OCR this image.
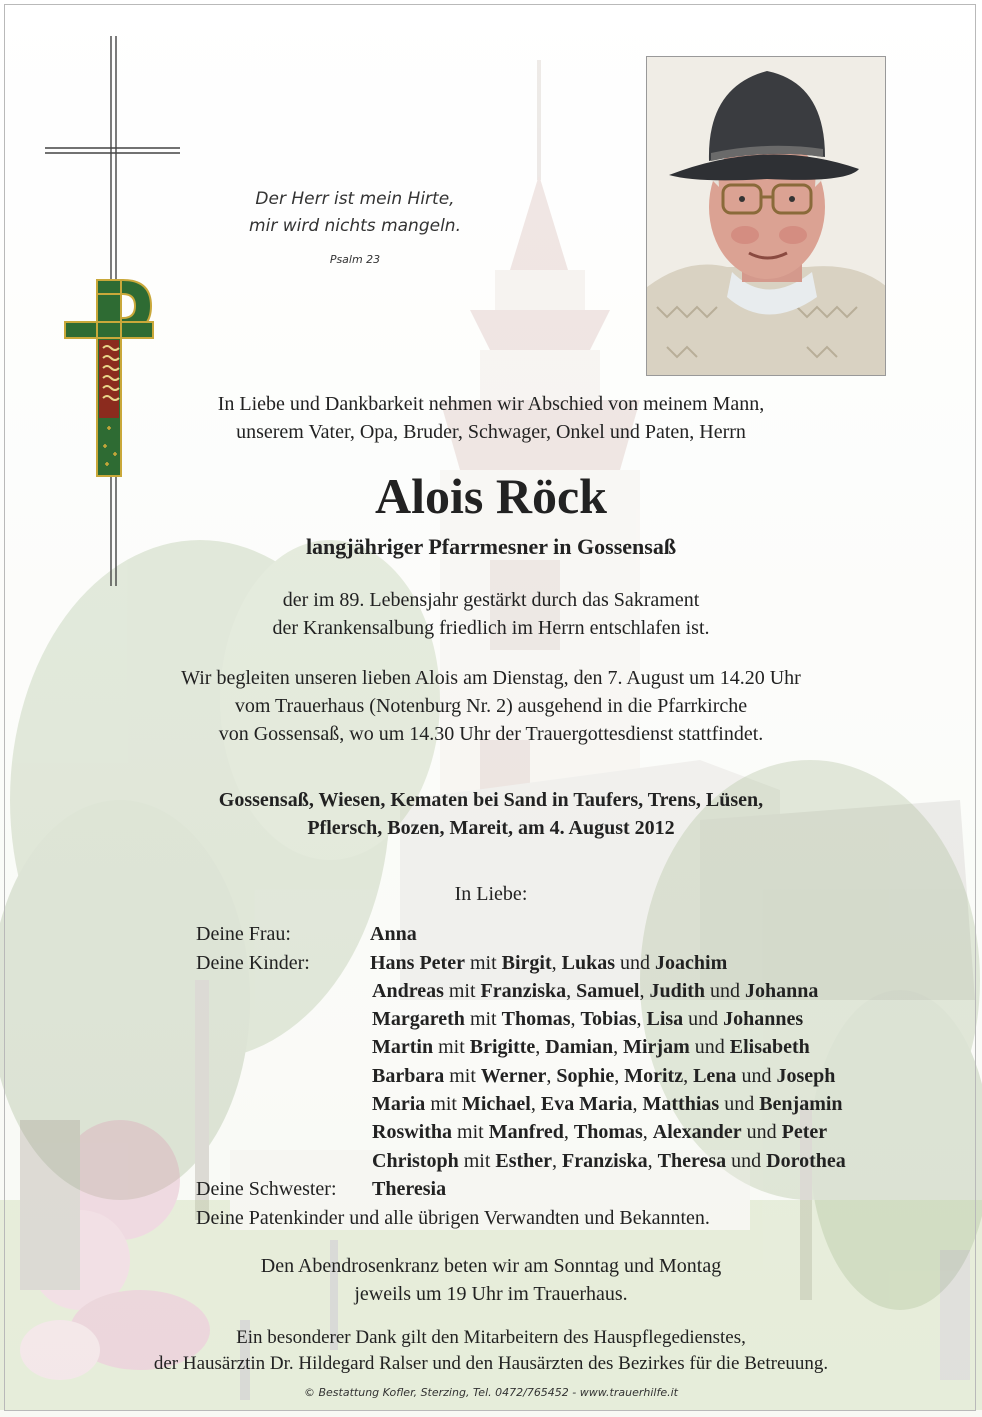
Der Herr ist mein Hirte,
mir wird nichts mangeln.
Psalm 23
In Liebe und Dankbarkeit nehmen wir Abschied von meinem Mann,
unserem Vater, Opa, Bruder, Schwager, Onkel und Paten, Herrn
Alois Röck
langjähriger Pfarrmesner in Gossensaß
der im 89. Lebensjahr gestärkt durch das Sakrament
der Krankensalbung friedlich im Herrn entschlafen ist.
Wir begleiten unseren lieben Alois am Dienstag, den 7. August um 14.20 Uhr
vom Trauerhaus (Notenburg Nr. 2) ausgehend in die Pfarrkirche
von Gossensaß, wo um 14.30 Uhr der Trauergottesdienst stattfindet.
Gossensaß, Wiesen, Kematen bei Sand in Taufers, Trens, Lüsen,
Pflersch, Bozen, Mareit, am 4. August 2012
In Liebe:
Deine Frau:	Anna
Deine Kinder:	Hans Peter mit Birgit, Lukas und Joachim
Andreas mit Franziska, Samuel, Judith und Johanna
Margareth mit Thomas, Tobias, Lisa und Johannes
Martin mit Brigitte, Damian, Mirjam und Elisabeth
Barbara mit Werner, Sophie, Moritz, Lena und Joseph
Maria mit Michael, Eva Maria, Matthias und Benjamin
Roswitha mit Manfred, Thomas, Alexander und Peter
Christoph mit Esther, Franziska, Theresa und Dorothea
Deine Schwester: Theresia
Deine Patenkinder und alle übrigen Verwandten und Bekannten.
Den Abendrosenkranz beten wir am Sonntag und Montag
jeweils um 19 Uhr im Trauerhaus.
Ein besonderer Dank gilt den Mitarbeitern des Hauspflegedienstes,
der Hausärztin Dr. Hildegard Ralser und den Hausärzten des Bezirkes für die Betreuung.
© Bestattung Kofler, Sterzing, Tel. 0472/765452 - www.trauerhilfe.it
